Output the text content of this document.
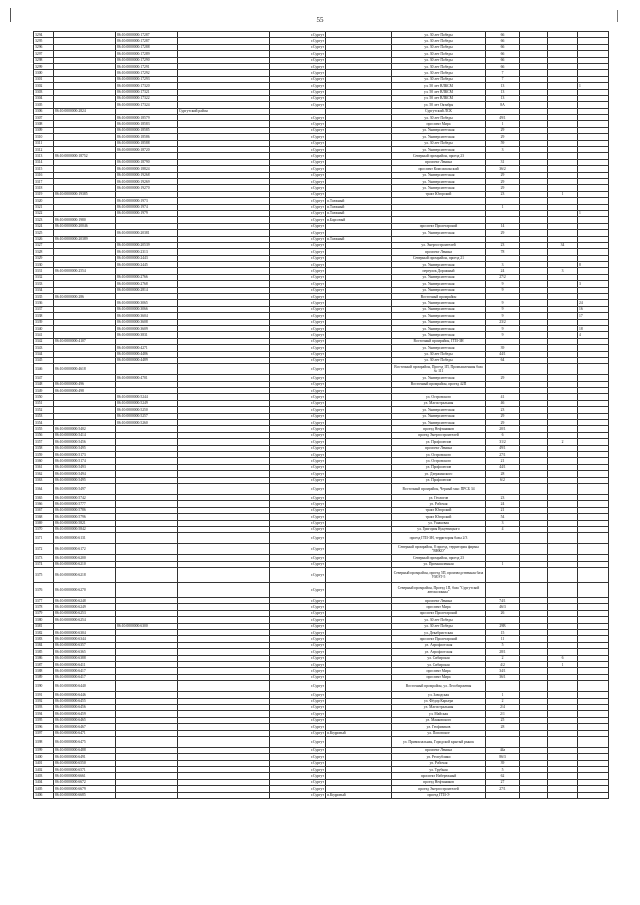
55
3294		86:10:0000000:17287		г.Сургут		ул. 30 лет Победы	66			
3295		86:10:0000000:17287		г.Сургут		ул. 30 лет Победы	66			
3296		86:10:0000000:17288		г.Сургут		ул. 30 лет Победы	66			
3297		86:10:0000000:17289		г.Сургут		ул. 30 лет Победы	66			
3298		86:10:0000000:17290		г.Сургут		ул. 30 лет Победы	66			
3299		86:10:0000000:17291		г.Сургут		ул. 30 лет Победы	66			
3300		86:10:0000000:17292		г.Сургут		ул. 30 лет Победы	7			
3301		86:10:0000000:17293		г.Сургут		ул. 30 лет Победы	7			
3302		86:10:0000000:17320		г.Сургут		ул. 50 лет ВЛКСМ	13			1
3303		86:10:0000000:17321		г.Сургут		ул. 50 лет ВЛКСМ	13			
3304		86:10:0000000:17322		г.Сургут		ул. 50 лет ВЛКСМ	13			
3305		86:10:0000000:17324		г.Сургут		ул. 50 лет Октября	8А			
3306	86:10:0000000:2824		Сургутский район			Сургутский ЛСК				
3307		86:10:0000000:18579		г.Сургут		ул. 30 лет Победы	49/1			
3308		86:10:0000000:18583		г.Сургут		проспект Мира	1			
3309		86:10:0000000:18585		г.Сургут		ул. Университетская	29			
3310		86:10:0000000:18586		г.Сургут		ул. Университетская	29			
3311		86:10:0000000:18588		г.Сургут		ул. 30 лет Победы	59			
3312		86:10:0000000:18720		г.Сургут		ул. Университетская	3			
3313	86:10:0000000:18752			г.Сургут		Северный промрайон, проезд 23				
3314		86:10:0000000:18790		г.Сургут		проспект Ленина	31			
3315		86:10:0000000:18824		г.Сургут		проспект Комсомольский	36/2			
3316		86:10:0000000:19268		г.Сургут		ул. Университетская	29			
3317		86:10:0000000:19269		г.Сургут		ул. Университетская	29			
3318		86:10:0000000:19270		г.Сургут		ул. Университетская	29			
3319	86:10:0000000:19385			г.Сургут		тракт Югорский	23		1	
3320		86:10:0000000:1973		г.Сургут	п.Таежный					
3321		86:10:0000000:1974		г.Сургут	п.Таежный		1			
3322		86:10:0000000:1979		г.Сургут	п.Таежный					1
3323	86:10:0000000:1980			г.Сургут	п.Барсовый					
3324	86:10:0000000:20046			г.Сургут		проспект Пролетарский	14			
3325		86:10:0000000:20381		г.Сургут		ул. Университетская	29			
3326	86:10:0000000:20389			г.Сургут	п.Таежный					
3327		86:10:0000000:20539		г.Сургут		ул. Энергостроителей	23		34	
3328		86:10:0000000:2313		г.Сургут		проспект Ленина	78			
3329		86:10:0000000:2443		г.Сургут		Северный промрайон, проезд 21				
3330		86:10:0000000:2445		г.Сургут		ул. Университетская	3			8
3331	86:10:0000000:2554			г.Сургут		переулок Дорожный	24		3	
3332		86:10:0000000:2766		г.Сургут		ул. Университетская	27/2			
3333		86:10:0000000:2768		г.Сургут		ул. Университетская	9			3
3334		86:10:0000000:2814		г.Сургут		ул. Университетская	9			
3335	86:10:0000000:286			г.Сургут		Восточный промрайон				
3336		86:10:0000000:3065		г.Сургут		ул. Университетская	9			24
3337		86:10:0000000:3066		г.Сургут		ул. Университетская	9			16
3338		86:10:0000000:3604		г.Сургут		ул. Университетская	9			17
3339		86:10:0000000:3608		г.Сургут		ул. Университетская	23/2			
3340		86:10:0000000:3609		г.Сургут		ул. Университетская	9			18
3341		86:10:0000000:3831		г.Сургут		ул. Университетская	9			4
3342	86:10:0000000:4107			г.Сургут		Восточный промрайон, ГПЗ-ЗН				
3343		86:10:0000000:4271		г.Сургут		ул. Университетская	39			
3344		86:10:0000000:4486		г.Сургут		ул. 30 лет Победы	44/1			
3345		86:10:0000000:4489		г.Сургут		ул. 30 лет Победы	64			
3346	86:10:0000000:4618			г.Сургут		Восточный промрайон, Проезд 1П, Промышленная база № 111				
3347		86:10:0000000:4701		г.Сургут		ул. Университетская	29			
3348	86:10:0000000:496			г.Сургут		Восточный промрайон, проезд 42П				
3349	86:10:0000000:498			г.Сургут						
3350		86:10:0000000:5244		г.Сургут		ул. Островского	41			
3351		86:10:0000000:5249		г.Сургут		ул. Магистральная	46			
3352		86:10:0000000:5250		г.Сургут		ул. Университетская	23			
3353		86:10:0000000:5257		г.Сургут		ул. Университетская	29			
3354		86:10:0000000:5260		г.Сургут		ул. Университетская	29			
3355	86:10:0000000:5402			г.Сургут		проезд Нефтяников	20/1			
3356	86:10:0000000:5414			г.Сургут		проезд Энергостроителей	6			
3357	86:10:0000000:5456			г.Сургут		ул. Профсоюзов	31/2		2	
3358	86:10:0000000:5495			г.Сургут		проспект Ленина	49/1			
3359	86:10:0000000:5173			г.Сургут		ул. Островского	27/1			
3360	86:10:0000000:5174			г.Сургут		ул. Островского	21			
3361	86:10:0000000:5493			г.Сургут		ул. Профсоюзов	44/1			
3362	86:10:0000000:5494			г.Сургут		ул. Дзержинского	28			
3363	86:10:0000000:5495			г.Сургут		ул. Профсоюзов	6/2			
3364	86:10:0000000:5497			г.Сургут		Восточный промрайон, Черный мыс ПРСБ 34				
3365	86:10:0000000:5742			г.Сургут		ул. Геологов	23			
3366	86:10:0000000:5777			г.Сургут		ул. Рабочая	24			
3367	86:10:0000000:5786			г.Сургут		тракт Югорский	21			
3368	86:10:0000000:5796			г.Сургут		тракт Югорский	54			
3369	86:10:0000000:5821			г.Сургут		ул. Ушаковая	3			
3370	86:10:0000000:5842			г.Сургут		ул. Григория Кукуевицкого	4			
3371	86:10:0000000:6131			г.Сургут		проезд ГПЗ-ЗН, территория базы 2/3				
3372	86:10:0000000:6172			г.Сургут		Северный промрайон, 8 проезд, территория фирмы "ВНКО"				
3373	86:10:0000000:6200			г.Сургут		Северный промрайон, проезд 23				
3374	86:10:0000000:6210			г.Сургут		ул. Промышленная	1			
3375	86:10:0000000:6218			г.Сургут		Северный промрайон, проезд 5П, производственная база УМЭТ-5				
3376	86:10:0000000:6270			г.Сургут		Северный промрайон, Проезд 1П, база "Сургутской автоколонны"				
3377	86:10:0000000:6248			г.Сургут		проспект Ленина	74/1			
3378	86:10:0000000:6249			г.Сургут		проспект Мира	46/3			
3379	86:10:0000000:6253			г.Сургут		проспект Пролетарский	26			
3380	86:10:0000000:6254			г.Сургут		ул. 30 лет Победы				
3381		86:10:0000000:6300		г.Сургут		ул. 30 лет Победы	29В			
3382	86:10:0000000:6304			г.Сургут		ул. Декабристская	15			
3383	86:10:0000000:6344			г.Сургут		проспект Пролетарский	11			
3384	86:10:0000000:6357			г.Сургут		ул. Аэрофлотская	5			
3385	86:10:0000000:6365			г.Сургут		ул. Аэрофлотская	28/1			
3386	86:10:0000000:6388			г.Сургут		ул. Сибирская	2		6	
3387	86:10:0000000:6411			г.Сургут		ул. Сибирская	4/2		1	
3388	86:10:0000000:6417			г.Сургут		проспект Мира	34/1			
3389	86:10:0000000:6417			г.Сургут		проспект Мира	36/1			
3390	86:10:0000000:6440			г.Сургут		Восточный промрайон, ул. Лесобиржевая				
3391	86:10:0000000:6446			г.Сургут		ул. Заводская	1			
3392	86:10:0000000:6455			г.Сургут		ул. Фёдор Карьера	2			
3393	86:10:0000000:6456			г.Сургут		ул. Магистральная	2/4			
3394	86:10:0000000:6459			г.Сургут		ул. Майская	2/1			
3395	86:10:0000000:6465			г.Сургут		ул. Маяковского	25			
3396	86:10:0000000:6467			г.Сургут		ул. Геофизиков	28			
3397	86:10:0000000:6471			г.Сургут	п.Кедровый	ул. Поповское				
3398	86:10:0000000:6475			г.Сургут		ул. Привокзальная, Городской крытый рынок				
3399	86:10:0000000:6488			г.Сургут		проспект Ленина	44а			
3400	86:10:0000000:6491			г.Сургут		ул. Республики	86/3			
3401	86:10:0000000:6550			г.Сургут		ул. Рабочая	39			
3402	86:10:0000000:6571			г.Сургут		ул. Трубная	5			
3403	86:10:0000000:6661			г.Сургут		проспект Набережный	62			
3404	86:10:0000000:6672			г.Сургут		проезд Нефтяников	27			
3405	86:10:0000000:6679			г.Сургут		проезд Энергостроителей	27/1			
3406	86:10:0000000:6685			г.Сургут	п.Кедровый	проезд ГПЗ-Э				
